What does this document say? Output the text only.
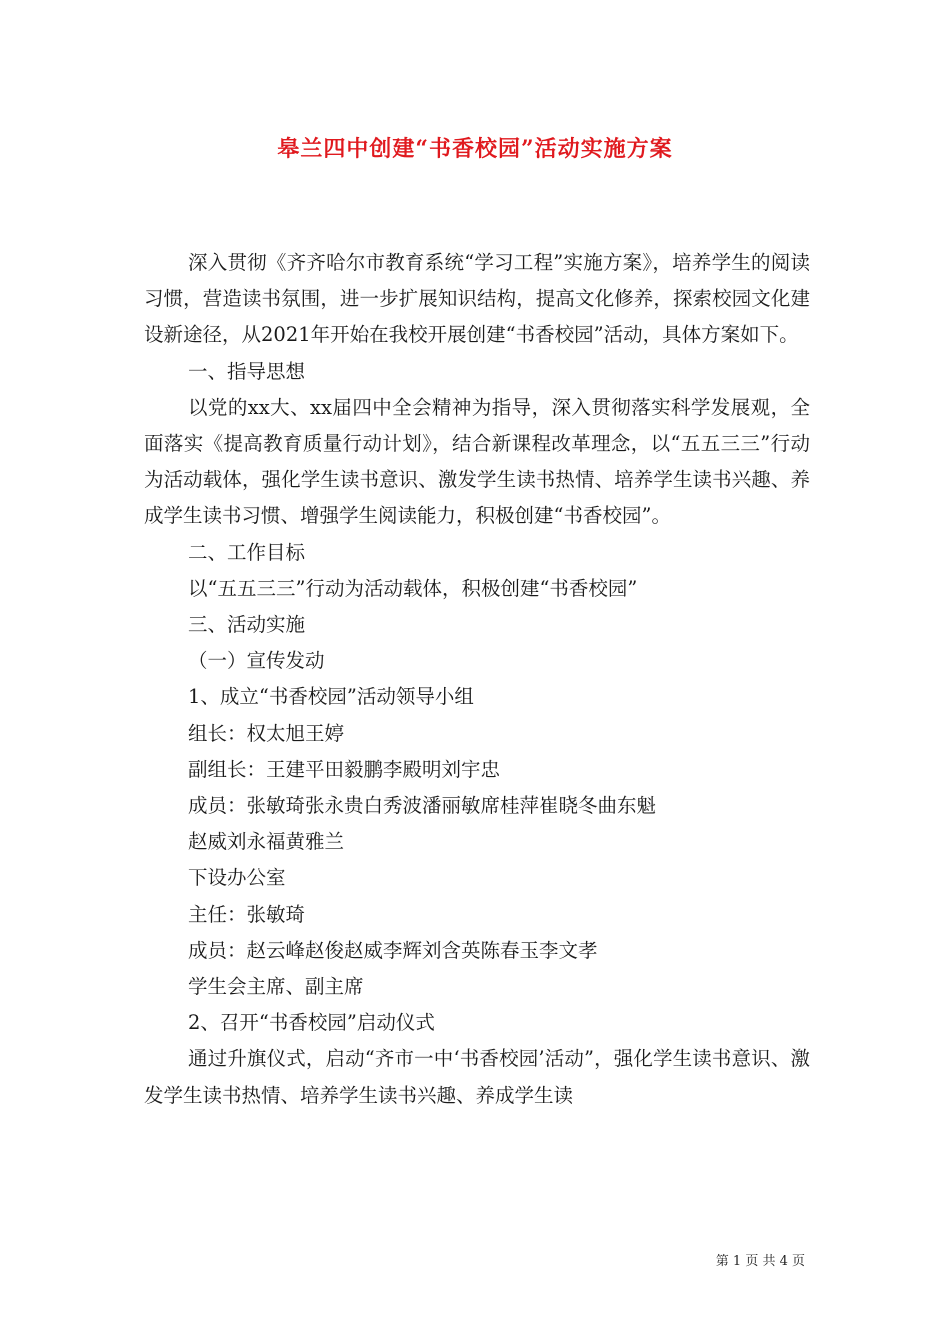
皋兰四中创建“书香校园”活动实施方案

深入贯彻《齐齐哈尔市教育系统“学习工程”实施方案》，培养学生的阅读习惯，营造读书氛围，进一步扩展知识结构，提高文化修养，探索校园文化建设新途径，从2021年开始在我校开展创建“书香校园”活动，具体方案如下。

一、指导思想

以党的xx大、xx届四中全会精神为指导，深入贯彻落实科学发展观，全面落实《提高教育质量行动计划》，结合新课程改革理念，以“五五三三”行动为活动载体，强化学生读书意识、激发学生读书热情、培养学生读书兴趣、养成学生读书习惯、增强学生阅读能力，积极创建“书香校园”。

二、工作目标

以“五五三三”行动为活动载体，积极创建“书香校园”

三、活动实施

（一）宣传发动

1、成立“书香校园”活动领导小组

组长：权太旭王婷

副组长：王建平田毅鹏李殿明刘宇忠

成员：张敏琦张永贵白秀波潘丽敏席桂萍崔晓冬曲东魁

赵威刘永福黄雅兰

下设办公室

主任：张敏琦

成员：赵云峰赵俊赵威李辉刘含英陈春玉李文孝

学生会主席、副主席

2、召开“书香校园”启动仪式

通过升旗仪式，启动“齐市一中‘书香校园’活动”，强化学生读书意识、激发学生读书热情、培养学生读书兴趣、养成学生读

第 1 页 共 4 页
